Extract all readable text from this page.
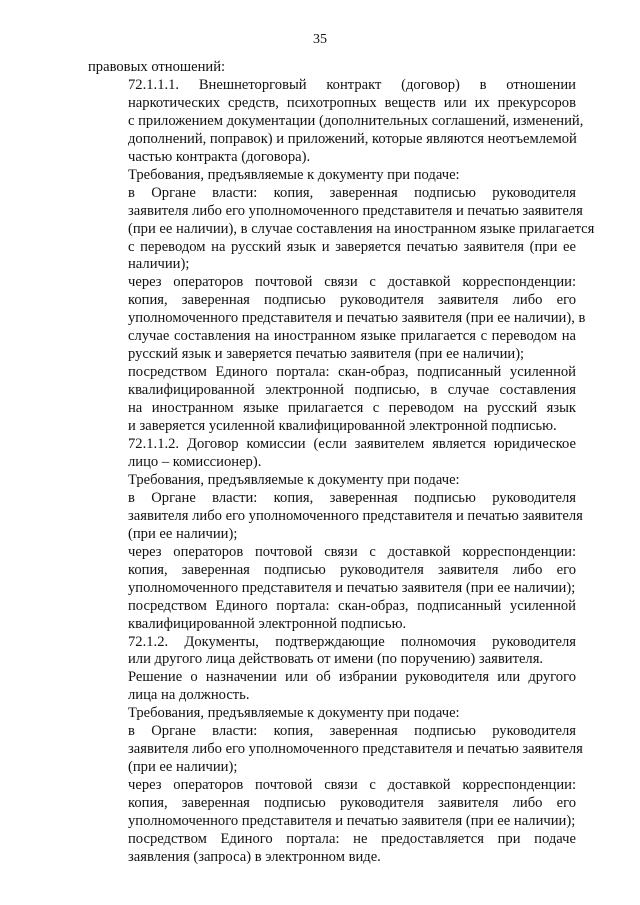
35
правовых отношений:
72.1.1.1. Внешнеторговый контракт (договор) в отношении
наркотических средств, психотропных веществ или их прекурсоров
с приложением документации (дополнительных соглашений, изменений,
дополнений, поправок) и приложений, которые являются неотъемлемой
частью контракта (договора).
Требования, предъявляемые к документу при подаче:
в Органе власти: копия, заверенная подписью руководителя
заявителя либо его уполномоченного представителя и печатью заявителя
(при ее наличии), в случае составления на иностранном языке прилагается
с переводом на русский язык и заверяется печатью заявителя (при ее
наличии);
через операторов почтовой связи с доставкой корреспонденции:
копия, заверенная подписью руководителя заявителя либо его
уполномоченного представителя и печатью заявителя (при ее наличии), в
случае составления на иностранном языке прилагается с переводом на
русский язык и заверяется печатью заявителя (при ее наличии);
посредством Единого портала: скан-образ, подписанный усиленной
квалифицированной электронной подписью, в случае составления
на иностранном языке прилагается с переводом на русский язык
и заверяется усиленной квалифицированной электронной подписью.
72.1.1.2. Договор комиссии (если заявителем является юридическое
лицо – комиссионер).
Требования, предъявляемые к документу при подаче:
в Органе власти: копия, заверенная подписью руководителя
заявителя либо его уполномоченного представителя и печатью заявителя
(при ее наличии);
через операторов почтовой связи с доставкой корреспонденции:
копия, заверенная подписью руководителя заявителя либо его
уполномоченного представителя и печатью заявителя (при ее наличии);
посредством Единого портала: скан-образ, подписанный усиленной
квалифицированной электронной подписью.
72.1.2. Документы, подтверждающие полномочия руководителя
или другого лица действовать от имени (по поручению) заявителя.
Решение о назначении или об избрании руководителя или другого
лица на должность.
Требования, предъявляемые к документу при подаче:
в Органе власти: копия, заверенная подписью руководителя
заявителя либо его уполномоченного представителя и печатью заявителя
(при ее наличии);
через операторов почтовой связи с доставкой корреспонденции:
копия, заверенная подписью руководителя заявителя либо его
уполномоченного представителя и печатью заявителя (при ее наличии);
посредством Единого портала: не предоставляется при подаче
заявления (запроса) в электронном виде.
